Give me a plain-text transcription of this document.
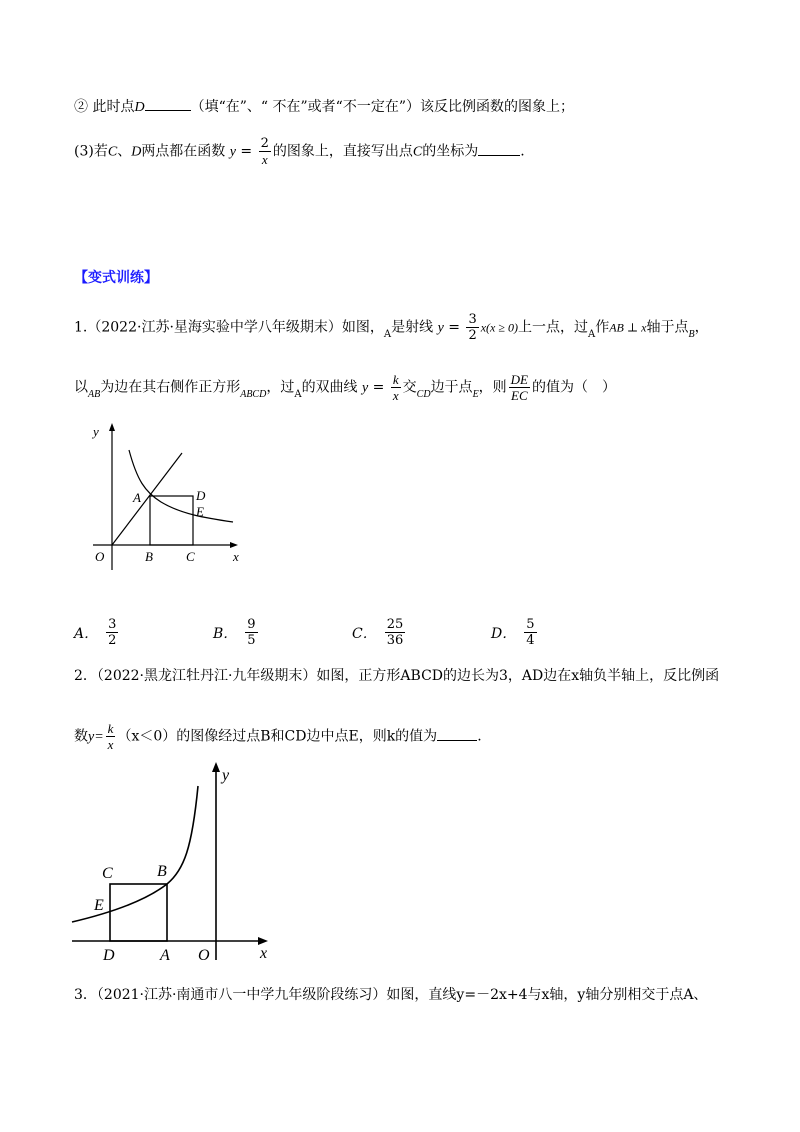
② 此时点D	（填“在”、“ 不在”或者“不一定在”）该反比例函数的图象上；
(3)若C、D两点都在函数 $y = \frac{2}{x}$ 的图象上，直接写出点C的坐标为	.
【变式训练】
1.（2022·江苏·星海实验中学八年级期末）如图，$_A$是射线 $y = \frac{3}{2} x(x \ge 0)$上一点，过$_A$作AB ⊥ x轴于点$_B$，
以$_{AB}$为边在其右侧作正方形$_{ABCD}$，过$_A$的双曲线 $y = \frac{k}{x}$ 交$_{CD}$边于点$_E$，则 $\frac{DE}{EC}$ 的值为（　）
y
A	D
E
O	B	C	x
A． $\frac{3}{2}$	B． $\frac{9}{5}$	C． $\frac{25}{36}$	D． $\frac{5}{4}$
2．（2022·黑龙江牡丹江·九年级期末）如图，正方形ABCD的边长为3，AD边在x轴负半轴上，反比例函
数$y= \frac{k}{x} (x<0)$的图像经过点B和CD边中点E，则k的值为	.
y
C	B
E
D	A O	x
3．（2021·江苏·南通市八一中学九年级阶段练习）如图，直线y=－2x+4与x轴，y轴分别相交于点A、
